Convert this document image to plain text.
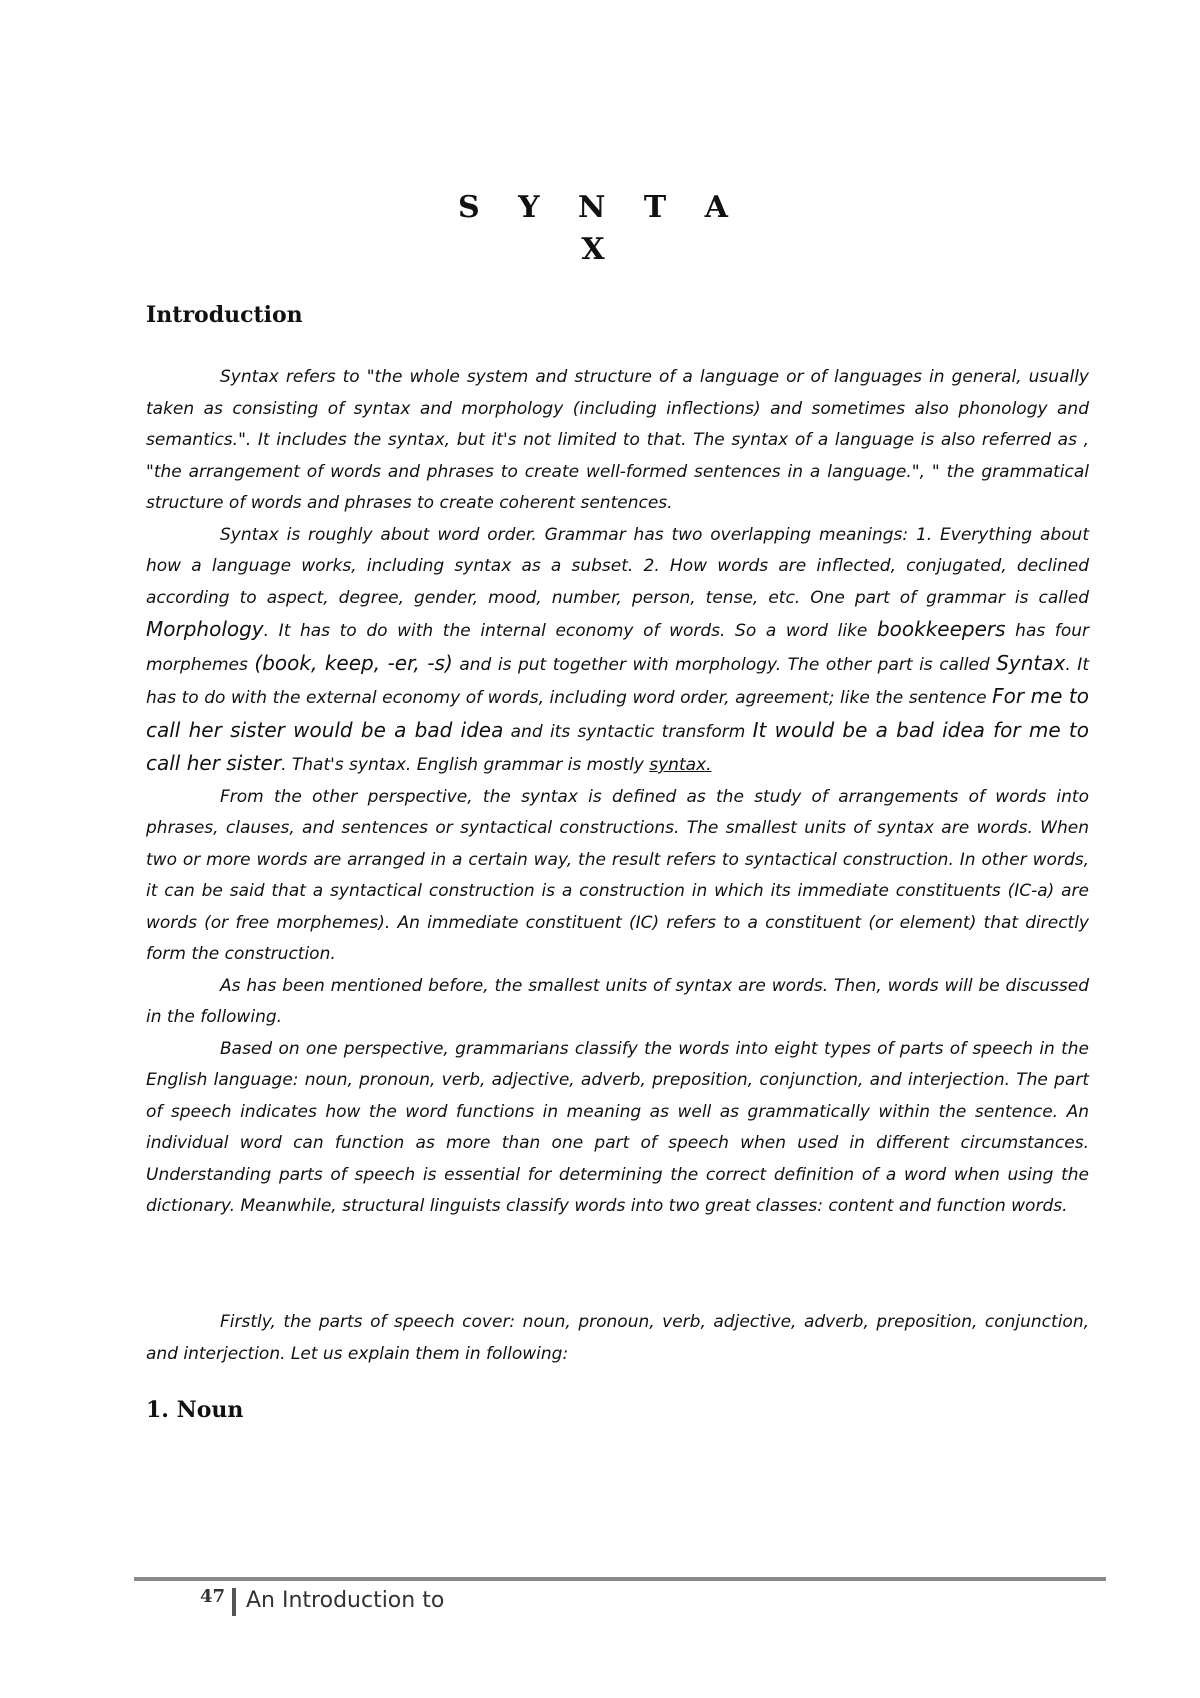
S Y N T A
X
Introduction

Syntax refers to "the whole system and structure of a language or of languages in general, usually taken as consisting of syntax and morphology (including inflections) and sometimes also phonology and semantics.". It includes the syntax, but it's not limited to that. The syntax of a language is also referred as , "the arrangement of words and phrases to create well-formed sentences in a language.", " the grammatical structure of words and phrases to create coherent sentences.

Syntax is roughly about word order. Grammar has two overlapping meanings: 1. Everything about how a language works, including syntax as a subset. 2. How words are inflected, conjugated, declined according to aspect, degree, gender, mood, number, person, tense, etc. One part of grammar is called Morphology. It has to do with the internal economy of words. So a word like bookkeepers has four morphemes (book, keep, -er, -s) and is put together with morphology. The other part is called Syntax. It has to do with the external economy of words, including word order, agreement; like the sentence For me to call her sister would be a bad idea and its syntactic transform It would be a bad idea for me to call her sister. That's syntax. English grammar is mostly syntax.

From the other perspective, the syntax is defined as the study of arrangements of words into phrases, clauses, and sentences or syntactical constructions. The smallest units of syntax are words. When two or more words are arranged in a certain way, the result refers to syntactical construction. In other words, it can be said that a syntactical construction is a construction in which its immediate constituents (IC-a) are words (or free morphemes). An immediate constituent (IC) refers to a constituent (or element) that directly form the construction.

As has been mentioned before, the smallest units of syntax are words. Then, words will be discussed in the following.

Based on one perspective, grammarians classify the words into eight types of parts of speech in the English language: noun, pronoun, verb, adjective, adverb, preposition, conjunction, and interjection. The part of speech indicates how the word functions in meaning as well as grammatically within the sentence. An individual word can function as more than one part of speech when used in different circumstances. Understanding parts of speech is essential for determining the correct definition of a word when using the dictionary. Meanwhile, structural linguists classify words into two great classes: content and function words.

Firstly, the parts of speech cover: noun, pronoun, verb, adjective, adverb, preposition, conjunction, and interjection. Let us explain them in following:

1. Noun
47 An Introduction to
